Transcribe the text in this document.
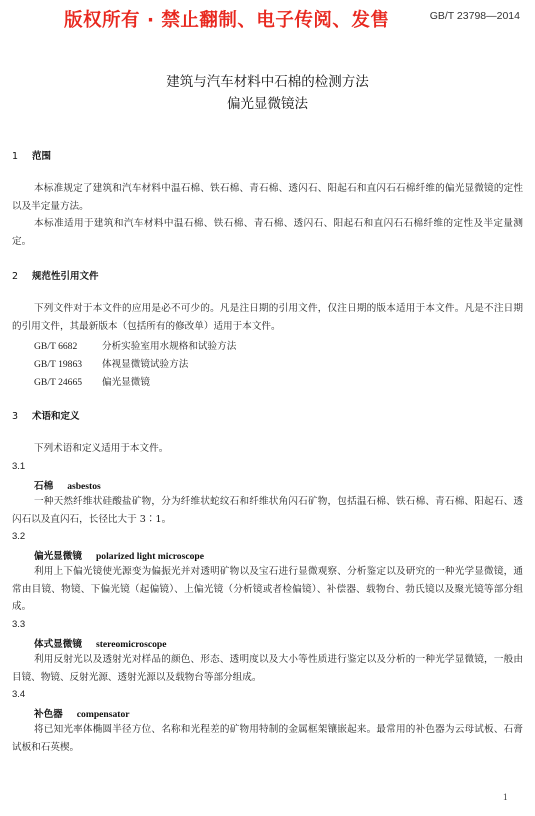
版权所有 · 禁止翻制、电子传阅、发售	GB/T 23798—2014
建筑与汽车材料中石棉的检测方法
偏光显微镜法
1 范围
本标准规定了建筑和汽车材料中温石棉、铁石棉、青石棉、透闪石、阳起石和直闪石石棉纤维的偏光显微镜的定性以及半定量方法。
本标准适用于建筑和汽车材料中温石棉、铁石棉、青石棉、透闪石、阳起石和直闪石石棉纤维的定性及半定量测定。
2 规范性引用文件
下列文件对于本文件的应用是必不可少的。凡是注日期的引用文件，仅注日期的版本适用于本文件。凡是不注日期的引用文件，其最新版本（包括所有的修改单）适用于本文件。
GB/T 6682	分析实验室用水规格和试验方法
GB/T 19863 体视显微镜试验方法
GB/T 24665 偏光显微镜
3 术语和定义
下列术语和定义适用于本文件。
3.1
石棉 asbestos
一种天然纤维状硅酸盐矿物，分为纤维状蛇纹石和纤维状角闪石矿物，包括温石棉、铁石棉、青石棉、阳起石、透闪石以及直闪石，长径比大于 3∶1。
3.2
偏光显微镜 polarized light microscope
利用上下偏光镜使光源变为偏振光并对透明矿物以及宝石进行显微观察、分析鉴定以及研究的一种光学显微镜，通常由目镜、物镜、下偏光镜（起偏镜）、上偏光镜（分析镜或者检偏镜）、补偿器、载物台、勃氏镜以及聚光镜等部分组成。
3.3
体式显微镜 stereomicroscope
利用反射光以及透射光对样品的颜色、形态、透明度以及大小等性质进行鉴定以及分析的一种光学显微镜，一般由目镜、物镜、反射光源、透射光源以及载物台等部分组成。
3.4
补色器 compensator
将已知光率体椭圆半径方位、名称和光程差的矿物用特制的金属框架镶嵌起来。最常用的补色器为云母试板、石膏试板和石英楔。
1
